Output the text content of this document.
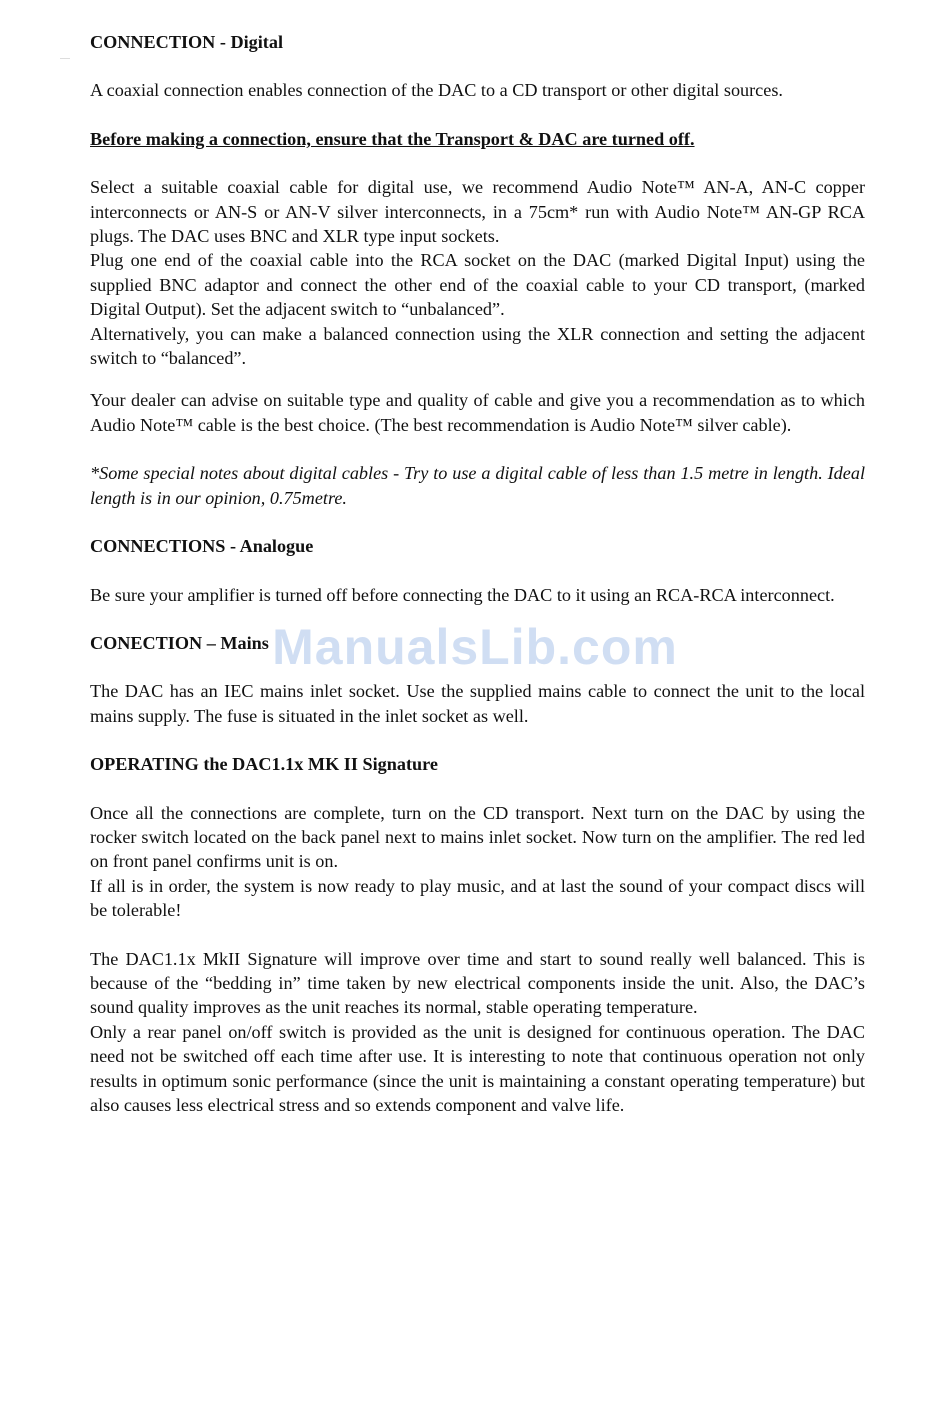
CONNECTION - Digital

A coaxial connection enables connection of the DAC to a CD transport or other digital sources.

Before making a connection, ensure that the Transport & DAC are turned off.

Select a suitable coaxial cable for digital use, we recommend Audio Note™ AN-A, AN-C copper interconnects or AN-S or AN-V silver interconnects, in a 75cm* run with Audio Note™ AN-GP RCA plugs. The DAC uses BNC and XLR type input sockets.

Plug one end of the coaxial cable into the RCA socket on the DAC (marked Digital Input) using the supplied BNC adaptor and connect the other end of the coaxial cable to your CD transport, (marked Digital Output). Set the adjacent switch to “unbalanced”.

Alternatively, you can make a balanced connection using the XLR connection and setting the adjacent switch to “balanced”.

Your dealer can advise on suitable type and quality of cable and give you a recommendation as to which Audio Note™ cable is the best choice. (The best recommendation is Audio Note™ silver cable).

*Some special notes about digital cables - Try to use a digital cable of less than 1.5 metre in length. Ideal length is in our opinion, 0.75metre.

CONNECTIONS - Analogue

Be sure your amplifier is turned off before connecting the DAC to it using an RCA-RCA interconnect.

CONECTION – Mains

The DAC has an IEC mains inlet socket. Use the supplied mains cable to connect the unit to the local mains supply. The fuse is situated in the inlet socket as well.

OPERATING the DAC1.1x MK II Signature

Once all the connections are complete, turn on the CD transport. Next turn on the DAC by using the rocker switch located on the back panel next to mains inlet socket. Now turn on the amplifier. The red led on front panel confirms unit is on.

If all is in order, the system is now ready to play music, and at last the sound of your compact discs will be tolerable!

The DAC1.1x MkII Signature will improve over time and start to sound really well balanced. This is because of the “bedding in” time taken by new electrical components inside the unit. Also, the DAC’s sound quality improves as the unit reaches its normal, stable operating temperature.

Only a rear panel on/off switch is provided as the unit is designed for continuous operation. The DAC need not be switched off each time after use. It is interesting to note that continuous operation not only results in optimum sonic performance (since the unit is maintaining a constant operating temperature) but also causes less electrical stress and so extends component and valve life.

ManualsLib.com
